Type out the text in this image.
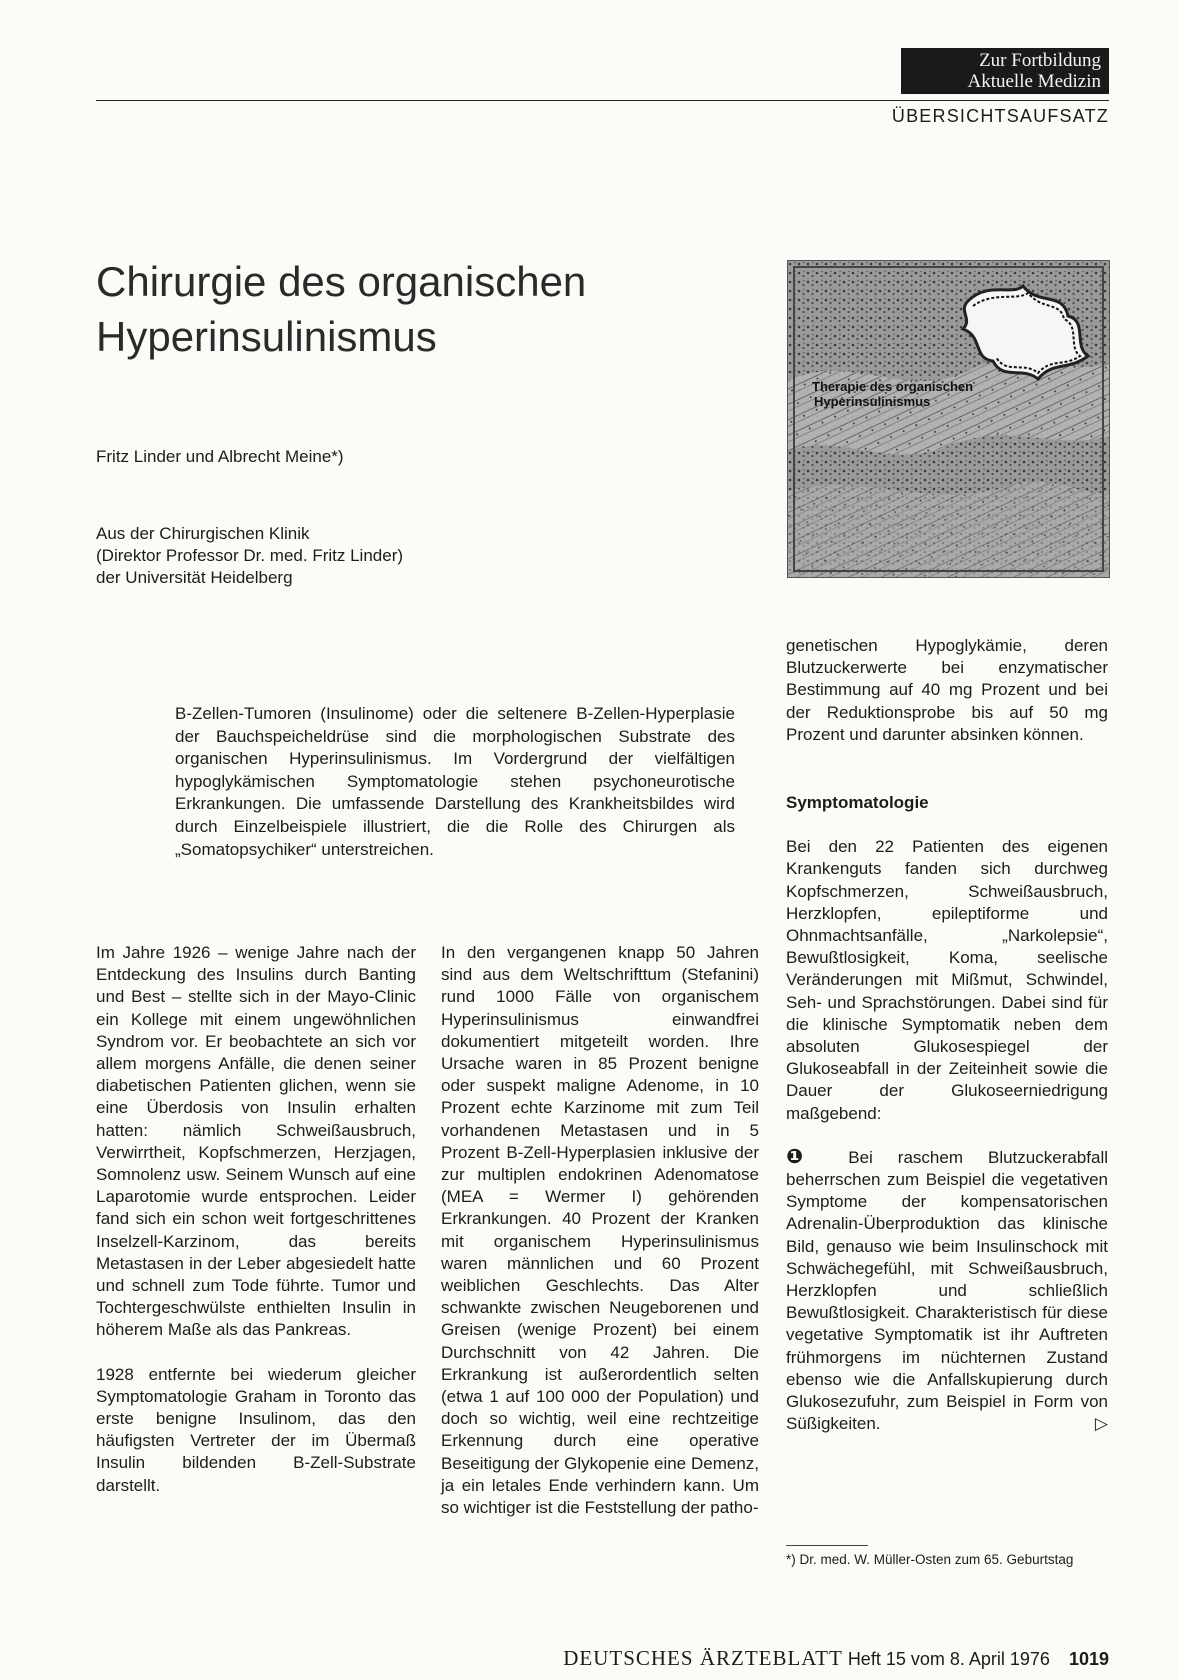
Zur Fortbildung
Aktuelle Medizin
ÜBERSICHTSAUFSATZ
Chirurgie des organischen
Hyperinsulinismus
Fritz Linder und Albrecht Meine*)
Aus der Chirurgischen Klinik
(Direktor Professor Dr. med. Fritz Linder)
der Universität Heidelberg
Therapie des organischen
Hyperinsulinismus
B-Zellen-Tumoren (Insulinome) oder die seltenere B-Zellen-Hyperplasie der Bauchspeicheldrüse sind die morphologischen Substrate des organischen Hyperinsulinismus. Im Vordergrund der vielfältigen hypoglykämischen Symptomatologie stehen psychoneurotische Erkrankungen. Die umfassende Darstellung des Krankheitsbildes wird durch Einzelbeispiele illustriert, die die Rolle des Chirurgen als „Somatopsychiker“ unterstreichen.

Im Jahre 1926 – wenige Jahre nach der Entdeckung des Insulins durch Banting und Best – stellte sich in der Mayo-Clinic ein Kollege mit einem ungewöhnlichen Syndrom vor. Er beobachtete an sich vor allem morgens Anfälle, die denen seiner diabetischen Patienten glichen, wenn sie eine Überdosis von Insulin erhalten hatten: nämlich Schweißausbruch, Verwirrtheit, Kopfschmerzen, Herzjagen, Somnolenz usw. Seinem Wunsch auf eine Laparotomie wurde entsprochen. Leider fand sich ein schon weit fortgeschrittenes Inselzell-Karzinom, das bereits Metastasen in der Leber abgesiedelt hatte und schnell zum Tode führte. Tumor und Tochtergeschwülste enthielten Insulin in höherem Maße als das Pankreas.

1928 entfernte bei wiederum gleicher Symptomatologie Graham in Toronto das erste benigne Insulinom, das den häufigsten Vertreter der im Übermaß Insulin bildenden B-Zell-Substrate darstellt.

In den vergangenen knapp 50 Jahren sind aus dem Weltschrifttum (Stefanini) rund 1000 Fälle von organischem Hyperinsulinismus einwandfrei dokumentiert mitgeteilt worden. Ihre Ursache waren in 85 Prozent benigne oder suspekt maligne Adenome, in 10 Prozent echte Karzinome mit zum Teil vorhandenen Metastasen und in 5 Prozent B-Zell-Hyperplasien inklusive der zur multiplen endokrinen Adenomatose (MEA = Wermer I) gehörenden Erkrankungen. 40 Prozent der Kranken mit organischem Hyperinsulinismus waren männlichen und 60 Prozent weiblichen Geschlechts. Das Alter schwankte zwischen Neugeborenen und Greisen (wenige Prozent) bei einem Durchschnitt von 42 Jahren. Die Erkrankung ist außerordentlich selten (etwa 1 auf 100 000 der Population) und doch so wichtig, weil eine rechtzeitige Erkennung durch eine operative Beseitigung der Glykopenie eine Demenz, ja ein letales Ende verhindern kann. Um so wichtiger ist die Feststellung der patho-

genetischen Hypoglykämie, deren Blutzuckerwerte bei enzymatischer Bestimmung auf 40 mg Prozent und bei der Reduktionsprobe bis auf 50 mg Prozent und darunter absinken können.

Symptomatologie

Bei den 22 Patienten des eigenen Krankenguts fanden sich durchweg Kopfschmerzen, Schweißausbruch, Herzklopfen, epileptiforme und Ohnmachtsanfälle, „Narkolepsie“, Bewußtlosigkeit, Koma, seelische Veränderungen mit Mißmut, Schwindel, Seh- und Sprachstörungen. Dabei sind für die klinische Symptomatik neben dem absoluten Glukosespiegel der Glukoseabfall in der Zeiteinheit sowie die Dauer der Glukoseerniedrigung maßgebend:

❶ Bei raschem Blutzuckerabfall beherrschen zum Beispiel die vegetativen Symptome der kompensatorischen Adrenalin-Überproduktion das klinische Bild, genauso wie beim Insulinschock mit Schwächegefühl, mit Schweißausbruch, Herzklopfen und schließlich Bewußtlosigkeit. Charakteristisch für diese vegetative Symptomatik ist ihr Auftreten frühmorgens im nüchternen Zustand ebenso wie die Anfallskupierung durch Glukosezufuhr, zum Beispiel in Form von Süßigkeiten.	▷

*) Dr. med. W. Müller-Osten zum 65. Geburtstag
DEUTSCHES ÄRZTEBLATT Heft 15 vom 8. April 1976 1019
